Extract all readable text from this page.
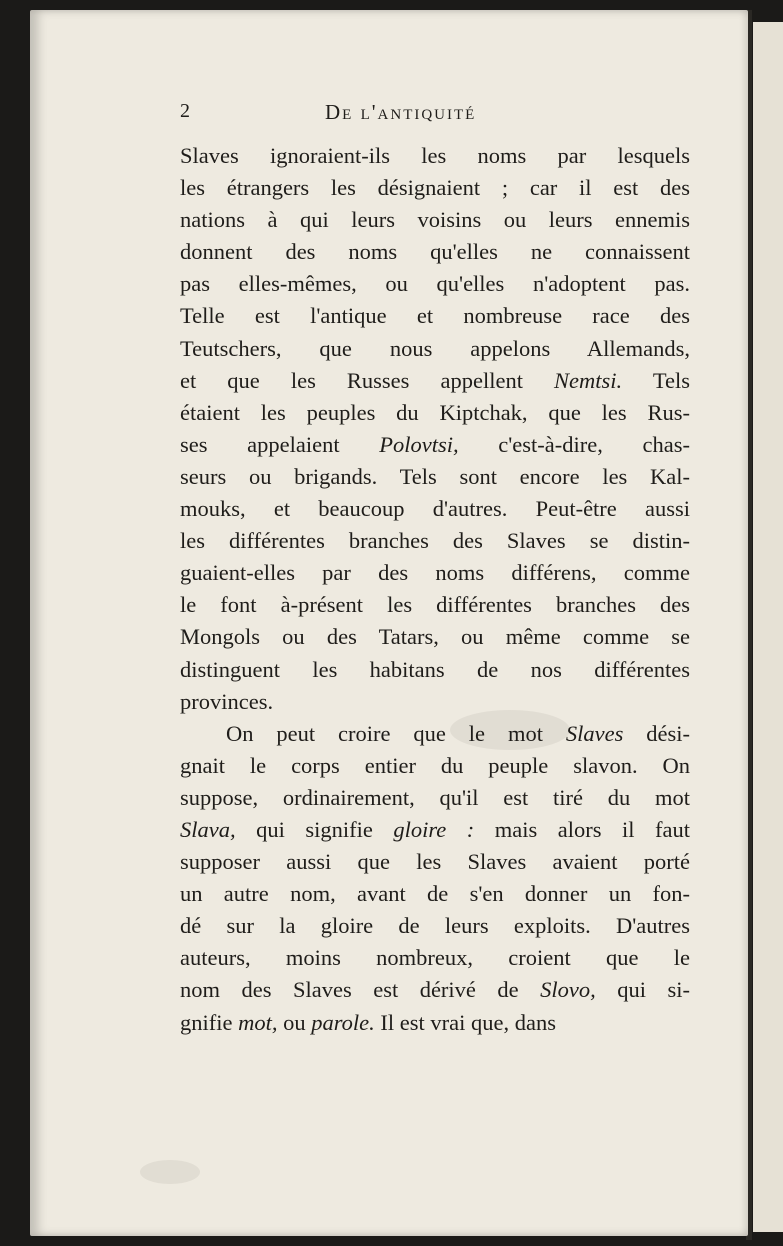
2	De l'antiquité
Slaves ignoraient-ils les noms par lesquels
les étrangers les désignaient ; car il est des
nations à qui leurs voisins ou leurs ennemis
donnent des noms qu'elles ne connaissent
pas elles-mêmes, ou qu'elles n'adoptent pas.
Telle est l'antique et nombreuse race des
Teutschers, que nous appelons Allemands,
et que les Russes appellent Nemtsi. Tels
étaient les peuples du Kiptchak, que les Rus-
ses appelaient Polovtsi, c'est-à-dire, chas-
seurs ou brigands. Tels sont encore les Kal-
mouks, et beaucoup d'autres. Peut-être aussi
les différentes branches des Slaves se distin-
guaient-elles par des noms différens, comme
le font à-présent les différentes branches des
Mongols ou des Tatars, ou même comme se
distinguent les habitans de nos différentes
provinces.
On peut croire que le mot Slaves dési-
gnait le corps entier du peuple slavon. On
suppose, ordinairement, qu'il est tiré du mot
Slava, qui signifie gloire : mais alors il faut
supposer aussi que les Slaves avaient porté
un autre nom, avant de s'en donner un fon-
dé sur la gloire de leurs exploits. D'autres
auteurs, moins nombreux, croient que le
nom des Slaves est dérivé de Slovo, qui si-
gnifie mot, ou parole. Il est vrai que, dans
